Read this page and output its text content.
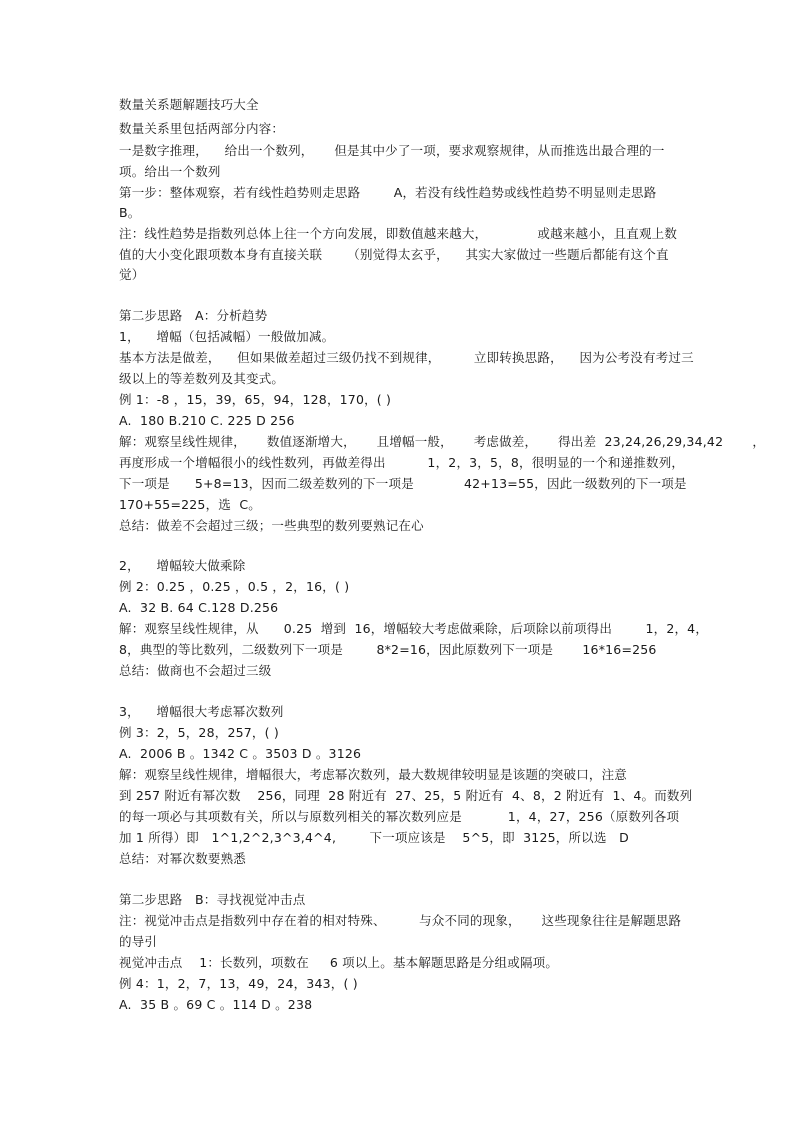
数量关系题解题技巧大全
数量关系里包括两部分内容：
一是数字推理，    给出一个数列，     但是其中少了一项，要求观察规律，从而推选出最合理的一
项。给出一个数列
第一步：整体观察，若有线性趋势则走思路        A，若没有线性趋势或线性趋势不明显则走思路
B。
注：线性趋势是指数列总体上往一个方向发展，即数值越来越大，            或越来越小，且直观上数
值的大小变化跟项数本身有直接关联      （别觉得太玄乎，    其实大家做过一些题后都能有这个直
觉）
第二步思路   A：分析趋势
1，    增幅（包括减幅）一般做加减。
基本方法是做差，    但如果做差超过三级仍找不到规律，        立即转换思路，    因为公考没有考过三
级以上的等差数列及其变式。
例 1：-8 ，15，39，65，94，128，170，( )
A.  180 B.210 C. 225 D 256
解：观察呈线性规律，     数值逐渐增大，     且增幅一般，     考虑做差，     得出差  23,24,26,29,34,42       ，
再度形成一个增幅很小的线性数列，再做差得出          1，2，3，5，8，很明显的一个和递推数列，
下一项是      5+8=13，因而二级差数列的下一项是            42+13=55，因此一级数列的下一项是
170+55=225，选  C。
总结：做差不会超过三级；一些典型的数列要熟记在心
2，    增幅较大做乘除
例 2：0.25 ，0.25 ，0.5 ，2，16，( )
A.  32 B. 64 C.128 D.256
解：观察呈线性规律，从      0.25  增到  16，增幅较大考虑做乘除，后项除以前项得出        1，2，4，
8，典型的等比数列，二级数列下一项是        8*2=16，因此原数列下一项是       16*16=256
总结：做商也不会超过三级
3，    增幅很大考虑幂次数列
例 3：2，5，28，257，( )
A.  2006 B 。1342 C 。3503 D 。3126
解：观察呈线性规律，增幅很大，考虑幂次数列，最大数规律较明显是该题的突破口，注意
到 257 附近有幂次数    256，同理  28 附近有  27、25，5 附近有  4、8，2 附近有  1、4。而数列
的每一项必与其项数有关，所以与原数列相关的幂次数列应是           1，4，27，256（原数列各项
加 1 所得）即   1^1,2^2,3^3,4^4,        下一项应该是    5^5，即  3125，所以选   D
总结：对幂次数要熟悉
第二步思路   B：寻找视觉冲击点
注：视觉冲击点是指数列中存在着的相对特殊、        与众不同的现象，     这些现象往往是解题思路
的导引
视觉冲击点    1：长数列，项数在     6 项以上。基本解题思路是分组或隔项。
例 4：1，2，7，13，49，24，343，( )
A.  35 B 。69 C 。114 D 。238
